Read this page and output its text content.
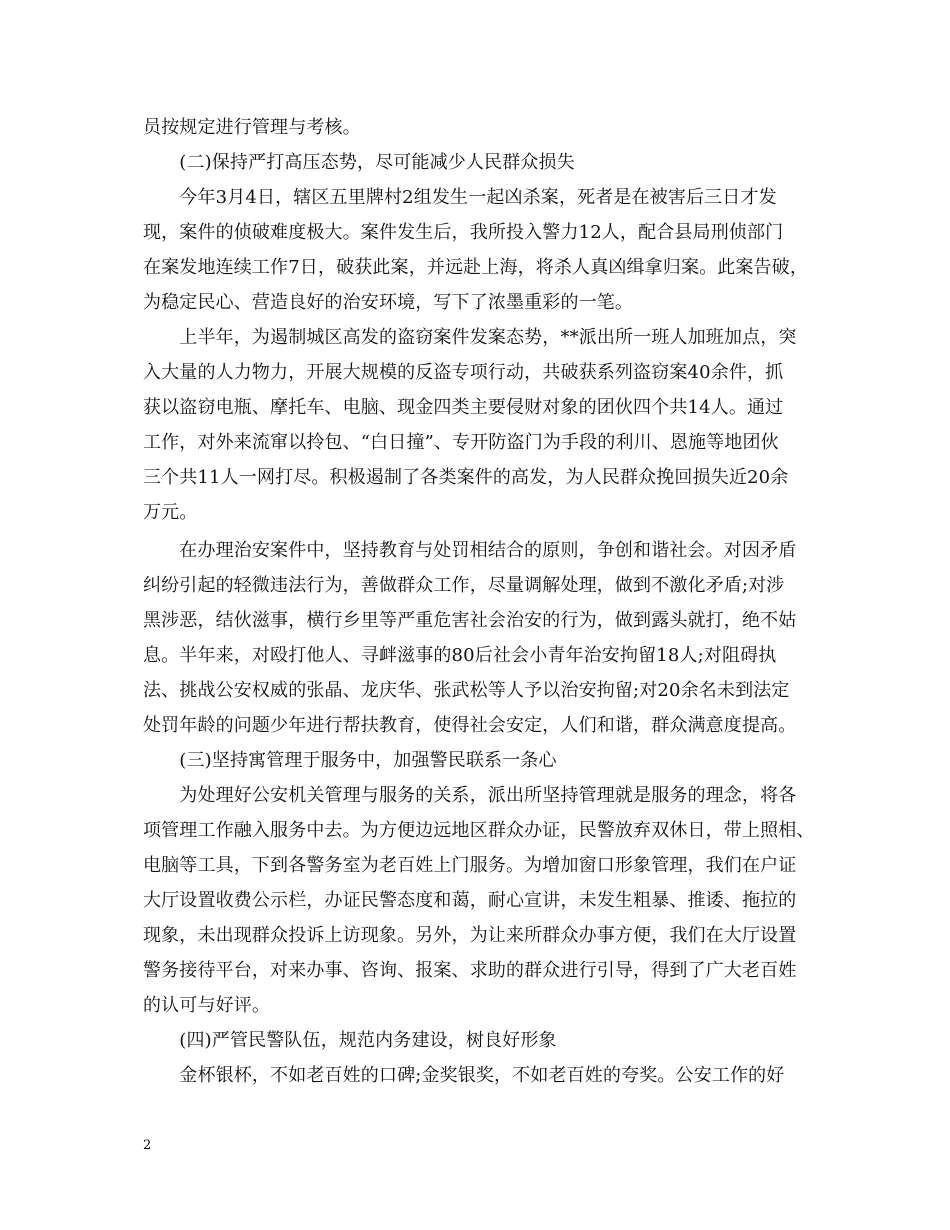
员按规定进行管理与考核。
　　(二)保持严打高压态势，尽可能减少人民群众损失
　　今年3月4日，辖区五里牌村2组发生一起凶杀案，死者是在被害后三日才发
现，案件的侦破难度极大。案件发生后，我所投入警力12人，配合县局刑侦部门
在案发地连续工作7日，破获此案，并远赴上海，将杀人真凶缉拿归案。此案告破，
为稳定民心、营造良好的治安环境，写下了浓墨重彩的一笔。
　　上半年，为遏制城区高发的盗窃案件发案态势，**派出所一班人加班加点，突
入大量的人力物力，开展大规模的反盗专项行动，共破获系列盗窃案40余件，抓
获以盗窃电瓶、摩托车、电脑、现金四类主要侵财对象的团伙四个共14人。通过
工作，对外来流窜以拎包、“白日撞”、专开防盗门为手段的利川、恩施等地团伙
三个共11人一网打尽。积极遏制了各类案件的高发，为人民群众挽回损失近20余
万元。
　　在办理治安案件中，坚持教育与处罚相结合的原则，争创和谐社会。对因矛盾
纠纷引起的轻微违法行为，善做群众工作，尽量调解处理，做到不激化矛盾;对涉
黑涉恶，结伙滋事，横行乡里等严重危害社会治安的行为，做到露头就打，绝不姑
息。半年来，对殴打他人、寻衅滋事的80后社会小青年治安拘留18人;对阻碍执
法、挑战公安权威的张晶、龙庆华、张武松等人予以治安拘留;对20余名未到法定
处罚年龄的问题少年进行帮扶教育，使得社会安定，人们和谐，群众满意度提高。
　　(三)坚持寓管理于服务中，加强警民联系一条心
　　为处理好公安机关管理与服务的关系，派出所坚持管理就是服务的理念，将各
项管理工作融入服务中去。为方便边远地区群众办证，民警放弃双休日，带上照相、
电脑等工具，下到各警务室为老百姓上门服务。为增加窗口形象管理，我们在户证
大厅设置收费公示栏，办证民警态度和蔼，耐心宣讲，未发生粗暴、推诿、拖拉的
现象，未出现群众投诉上访现象。另外，为让来所群众办事方便，我们在大厅设置
警务接待平台，对来办事、咨询、报案、求助的群众进行引导，得到了广大老百姓
的认可与好评。
　　(四)严管民警队伍，规范内务建设，树良好形象
　　金杯银杯，不如老百姓的口碑;金奖银奖，不如老百姓的夸奖。公安工作的好
2
